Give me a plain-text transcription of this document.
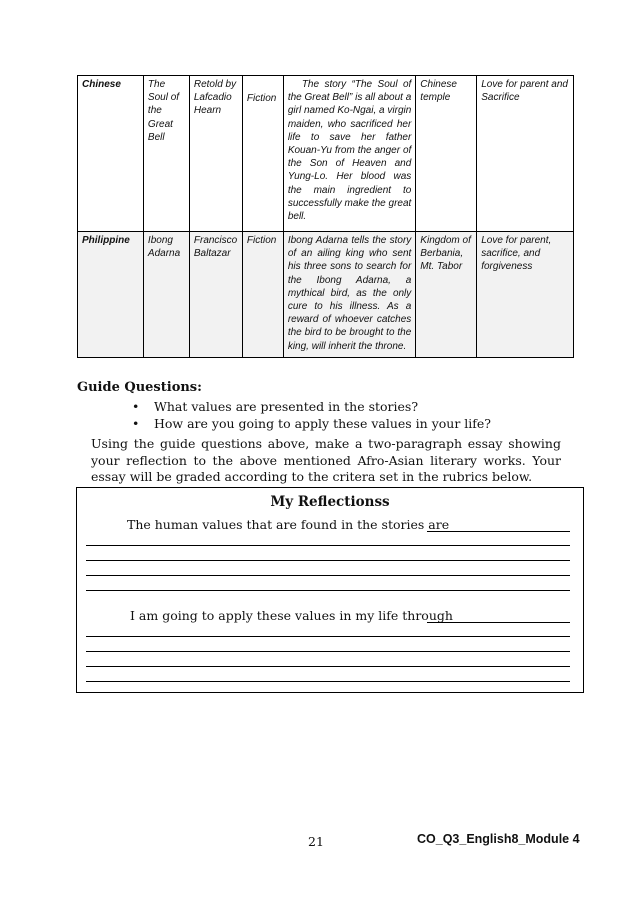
Chinese	The Soul of the Great Bell	Retold by Lafcadio Hearn	Fiction	The story “The Soul of the Great Bell” is all about a girl named Ko-Ngai, a virgin maiden, who sacrificed her life to save her father Kouan-Yu from the anger of the Son of Heaven and Yung-Lo. Her blood was the main ingredient to successfully make the great bell.	Chinese temple	Love for parent and Sacrifice
Philippine	Ibong Adarna	Francisco Baltazar	Fiction	Ibong Adarna tells the story of an ailing king who sent his three sons to search for the Ibong Adarna, a mythical bird, as the only cure to his illness. As a reward of whoever catches the bird to be brought to the king, will inherit the throne.	Kingdom of Berbania, Mt. Tabor	Love for parent, sacrifice, and forgiveness
Guide Questions:
• What values are presented in the stories?
• How are you going to apply these values in your life?
Using the guide questions above, make a two-paragraph essay showing your reflection to the above mentioned Afro-Asian literary works. Your essay will be graded according to the critera set in the rubrics below.
My Reflectionss
The human values that are found in the stories are
I am going to apply these values in my life through
21	CO_Q3_English8_Module 4
